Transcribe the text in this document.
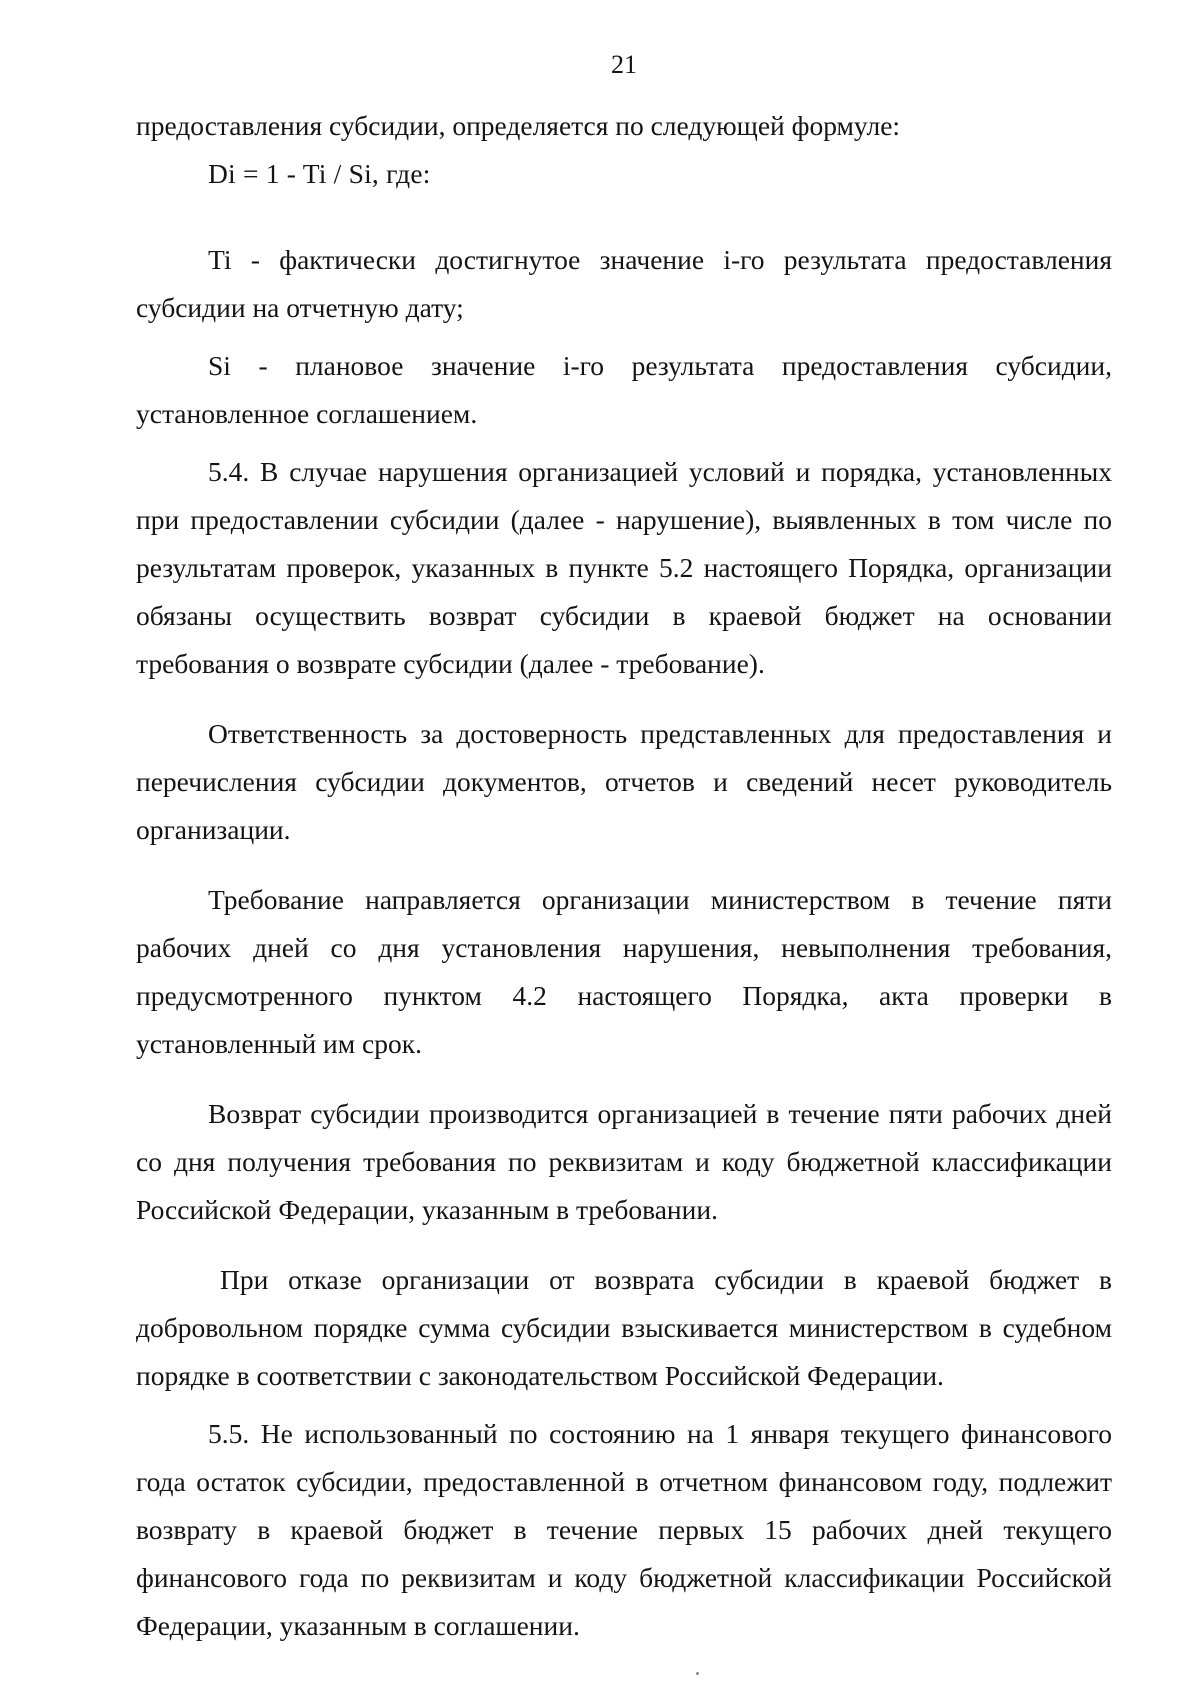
21

предоставления субсидии, определяется по следующей формуле:

Di = 1 - Ti / Si, где:

Ti - фактически достигнутое значение i-го результата предоставления субсидии на отчетную дату;

Si - плановое значение i-го результата предоставления субсидии, установленное соглашением.

5.4. В случае нарушения организацией условий и порядка, установленных при предоставлении субсидии (далее - нарушение), выявленных в том числе по результатам проверок, указанных в пункте 5.2 настоящего Порядка, организации обязаны осуществить возврат субсидии в краевой бюджет на основании требования о возврате субсидии (далее - требование).

Ответственность за достоверность представленных для предоставления и перечисления субсидии документов, отчетов и сведений несет руководитель организации.

Требование направляется организации министерством в течение пяти рабочих дней со дня установления нарушения, невыполнения требования, предусмотренного пунктом 4.2 настоящего Порядка, акта проверки в установленный им срок.

Возврат субсидии производится организацией в течение пяти рабочих дней со дня получения требования по реквизитам и коду бюджетной классификации Российской Федерации, указанным в требовании.

При отказе организации от возврата субсидии в краевой бюджет в добровольном порядке сумма субсидии взыскивается министерством в судебном порядке в соответствии с законодательством Российской Федерации.

5.5. Не использованный по состоянию на 1 января текущего финансового года остаток субсидии, предоставленной в отчетном финансовом году, подлежит возврату в краевой бюджет в течение первых 15 рабочих дней текущего финансового года по реквизитам и коду бюджетной классификации Российской Федерации, указанным в соглашении.
